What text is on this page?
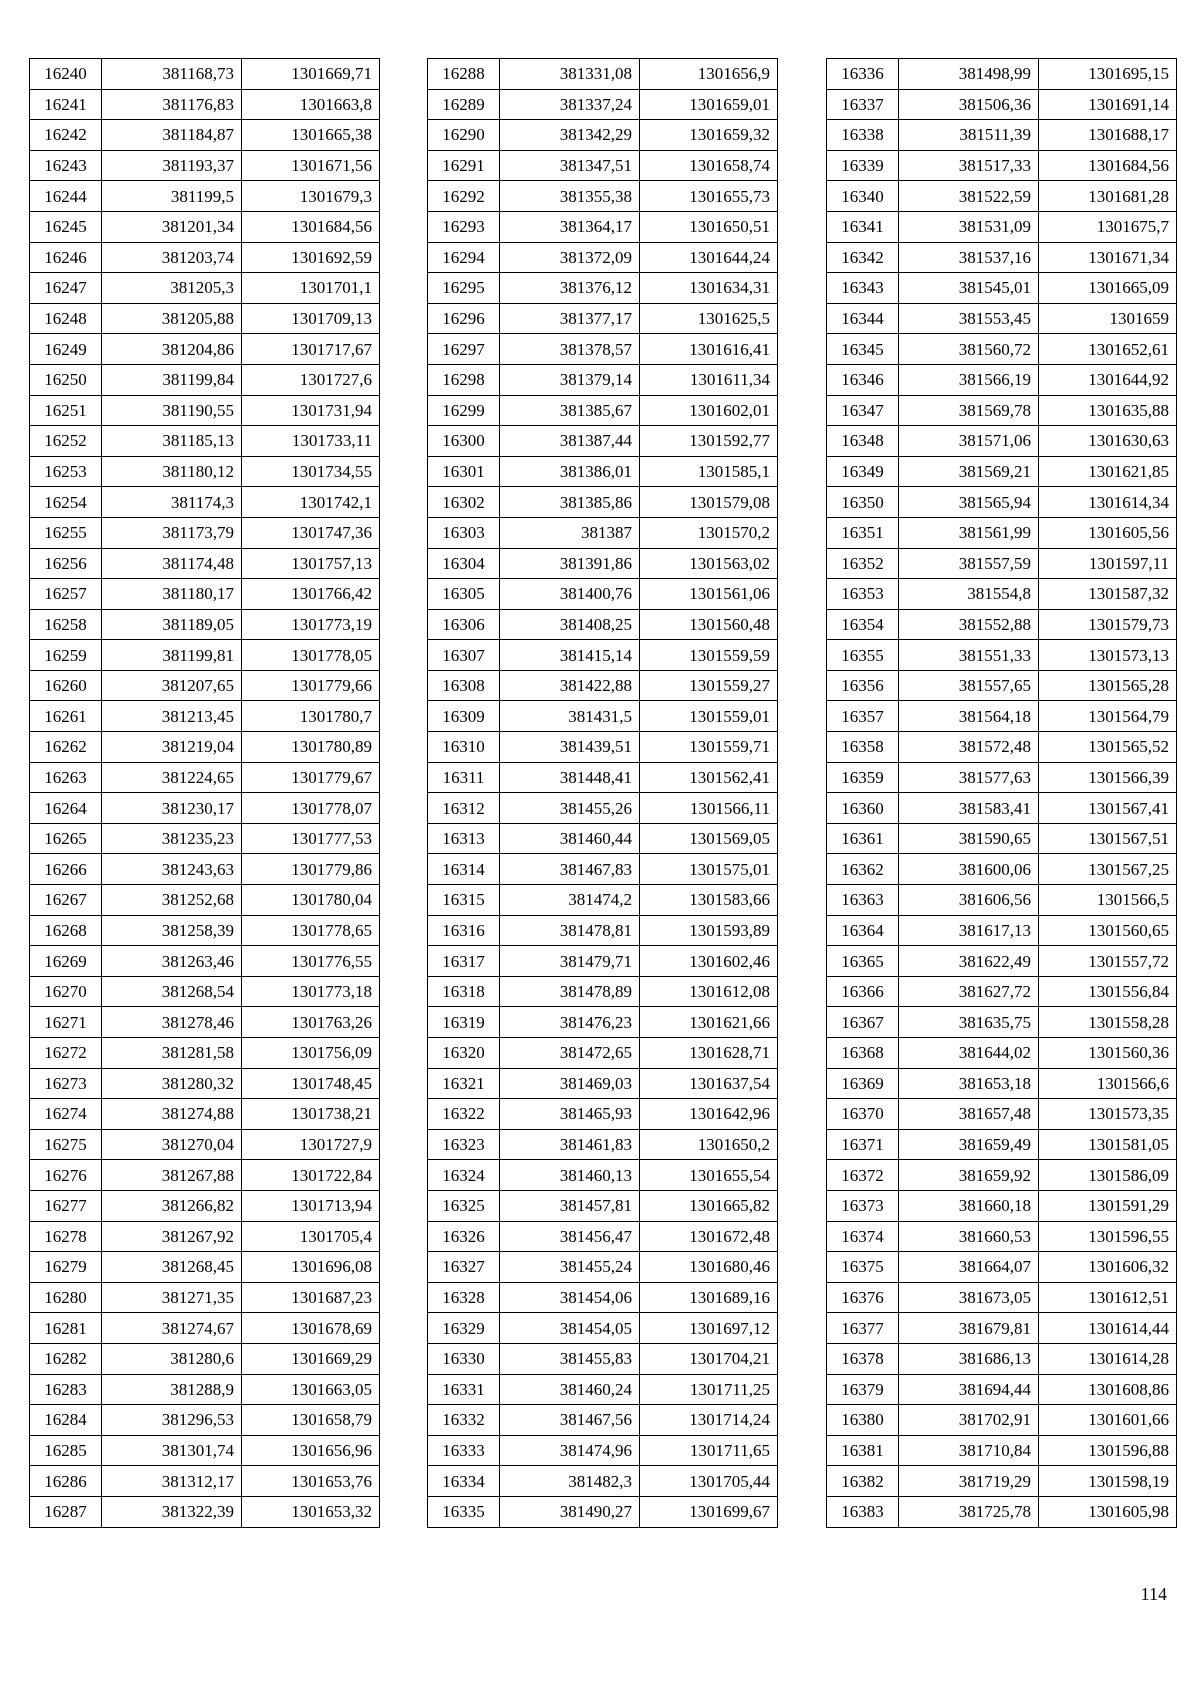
16240	381168,73	1301669,71
16241	381176,83	1301663,8
16242	381184,87	1301665,38
16243	381193,37	1301671,56
16244	381199,5	1301679,3
16245	381201,34	1301684,56
16246	381203,74	1301692,59
16247	381205,3	1301701,1
16248	381205,88	1301709,13
16249	381204,86	1301717,67
16250	381199,84	1301727,6
16251	381190,55	1301731,94
16252	381185,13	1301733,11
16253	381180,12	1301734,55
16254	381174,3	1301742,1
16255	381173,79	1301747,36
16256	381174,48	1301757,13
16257	381180,17	1301766,42
16258	381189,05	1301773,19
16259	381199,81	1301778,05
16260	381207,65	1301779,66
16261	381213,45	1301780,7
16262	381219,04	1301780,89
16263	381224,65	1301779,67
16264	381230,17	1301778,07
16265	381235,23	1301777,53
16266	381243,63	1301779,86
16267	381252,68	1301780,04
16268	381258,39	1301778,65
16269	381263,46	1301776,55
16270	381268,54	1301773,18
16271	381278,46	1301763,26
16272	381281,58	1301756,09
16273	381280,32	1301748,45
16274	381274,88	1301738,21
16275	381270,04	1301727,9
16276	381267,88	1301722,84
16277	381266,82	1301713,94
16278	381267,92	1301705,4
16279	381268,45	1301696,08
16280	381271,35	1301687,23
16281	381274,67	1301678,69
16282	381280,6	1301669,29
16283	381288,9	1301663,05
16284	381296,53	1301658,79
16285	381301,74	1301656,96
16286	381312,17	1301653,76
16287	381322,39	1301653,32
16288	381331,08	1301656,9
16289	381337,24	1301659,01
16290	381342,29	1301659,32
16291	381347,51	1301658,74
16292	381355,38	1301655,73
16293	381364,17	1301650,51
16294	381372,09	1301644,24
16295	381376,12	1301634,31
16296	381377,17	1301625,5
16297	381378,57	1301616,41
16298	381379,14	1301611,34
16299	381385,67	1301602,01
16300	381387,44	1301592,77
16301	381386,01	1301585,1
16302	381385,86	1301579,08
16303	381387	1301570,2
16304	381391,86	1301563,02
16305	381400,76	1301561,06
16306	381408,25	1301560,48
16307	381415,14	1301559,59
16308	381422,88	1301559,27
16309	381431,5	1301559,01
16310	381439,51	1301559,71
16311	381448,41	1301562,41
16312	381455,26	1301566,11
16313	381460,44	1301569,05
16314	381467,83	1301575,01
16315	381474,2	1301583,66
16316	381478,81	1301593,89
16317	381479,71	1301602,46
16318	381478,89	1301612,08
16319	381476,23	1301621,66
16320	381472,65	1301628,71
16321	381469,03	1301637,54
16322	381465,93	1301642,96
16323	381461,83	1301650,2
16324	381460,13	1301655,54
16325	381457,81	1301665,82
16326	381456,47	1301672,48
16327	381455,24	1301680,46
16328	381454,06	1301689,16
16329	381454,05	1301697,12
16330	381455,83	1301704,21
16331	381460,24	1301711,25
16332	381467,56	1301714,24
16333	381474,96	1301711,65
16334	381482,3	1301705,44
16335	381490,27	1301699,67
16336	381498,99	1301695,15
16337	381506,36	1301691,14
16338	381511,39	1301688,17
16339	381517,33	1301684,56
16340	381522,59	1301681,28
16341	381531,09	1301675,7
16342	381537,16	1301671,34
16343	381545,01	1301665,09
16344	381553,45	1301659
16345	381560,72	1301652,61
16346	381566,19	1301644,92
16347	381569,78	1301635,88
16348	381571,06	1301630,63
16349	381569,21	1301621,85
16350	381565,94	1301614,34
16351	381561,99	1301605,56
16352	381557,59	1301597,11
16353	381554,8	1301587,32
16354	381552,88	1301579,73
16355	381551,33	1301573,13
16356	381557,65	1301565,28
16357	381564,18	1301564,79
16358	381572,48	1301565,52
16359	381577,63	1301566,39
16360	381583,41	1301567,41
16361	381590,65	1301567,51
16362	381600,06	1301567,25
16363	381606,56	1301566,5
16364	381617,13	1301560,65
16365	381622,49	1301557,72
16366	381627,72	1301556,84
16367	381635,75	1301558,28
16368	381644,02	1301560,36
16369	381653,18	1301566,6
16370	381657,48	1301573,35
16371	381659,49	1301581,05
16372	381659,92	1301586,09
16373	381660,18	1301591,29
16374	381660,53	1301596,55
16375	381664,07	1301606,32
16376	381673,05	1301612,51
16377	381679,81	1301614,44
16378	381686,13	1301614,28
16379	381694,44	1301608,86
16380	381702,91	1301601,66
16381	381710,84	1301596,88
16382	381719,29	1301598,19
16383	381725,78	1301605,98
114
